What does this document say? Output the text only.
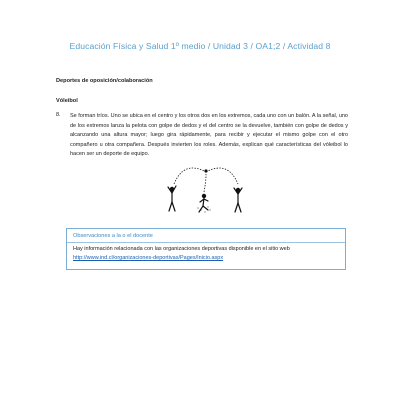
Educación Física y Salud 1º medio / Unidad 3 / OA1;2 / Actividad 8
Deportes de oposición/colaboración
Vóleibol
8. Se forman tríos. Uno se ubica en el centro y los otros dos en los extremos, cada uno con un balón. A la señal, uno de los extremos lanza la pelota con golpe de dedos y el del centro se la devuelve, también con golpe de dedos y alcanzando una altura mayor; luego gira rápidamente, para recibir y ejecutar el mismo golpe con el otro compañero u otra compañera. Después invierten los roles. Además, explican qué características del vóleibol lo hacen ser un deporte de equipo.
Observaciones a la o el docente
Hay información relacionada con las organizaciones deportivas disponible en el sitio web
http://www.ind.cl/organizaciones-deportivas/Pages/Inicio.aspx
